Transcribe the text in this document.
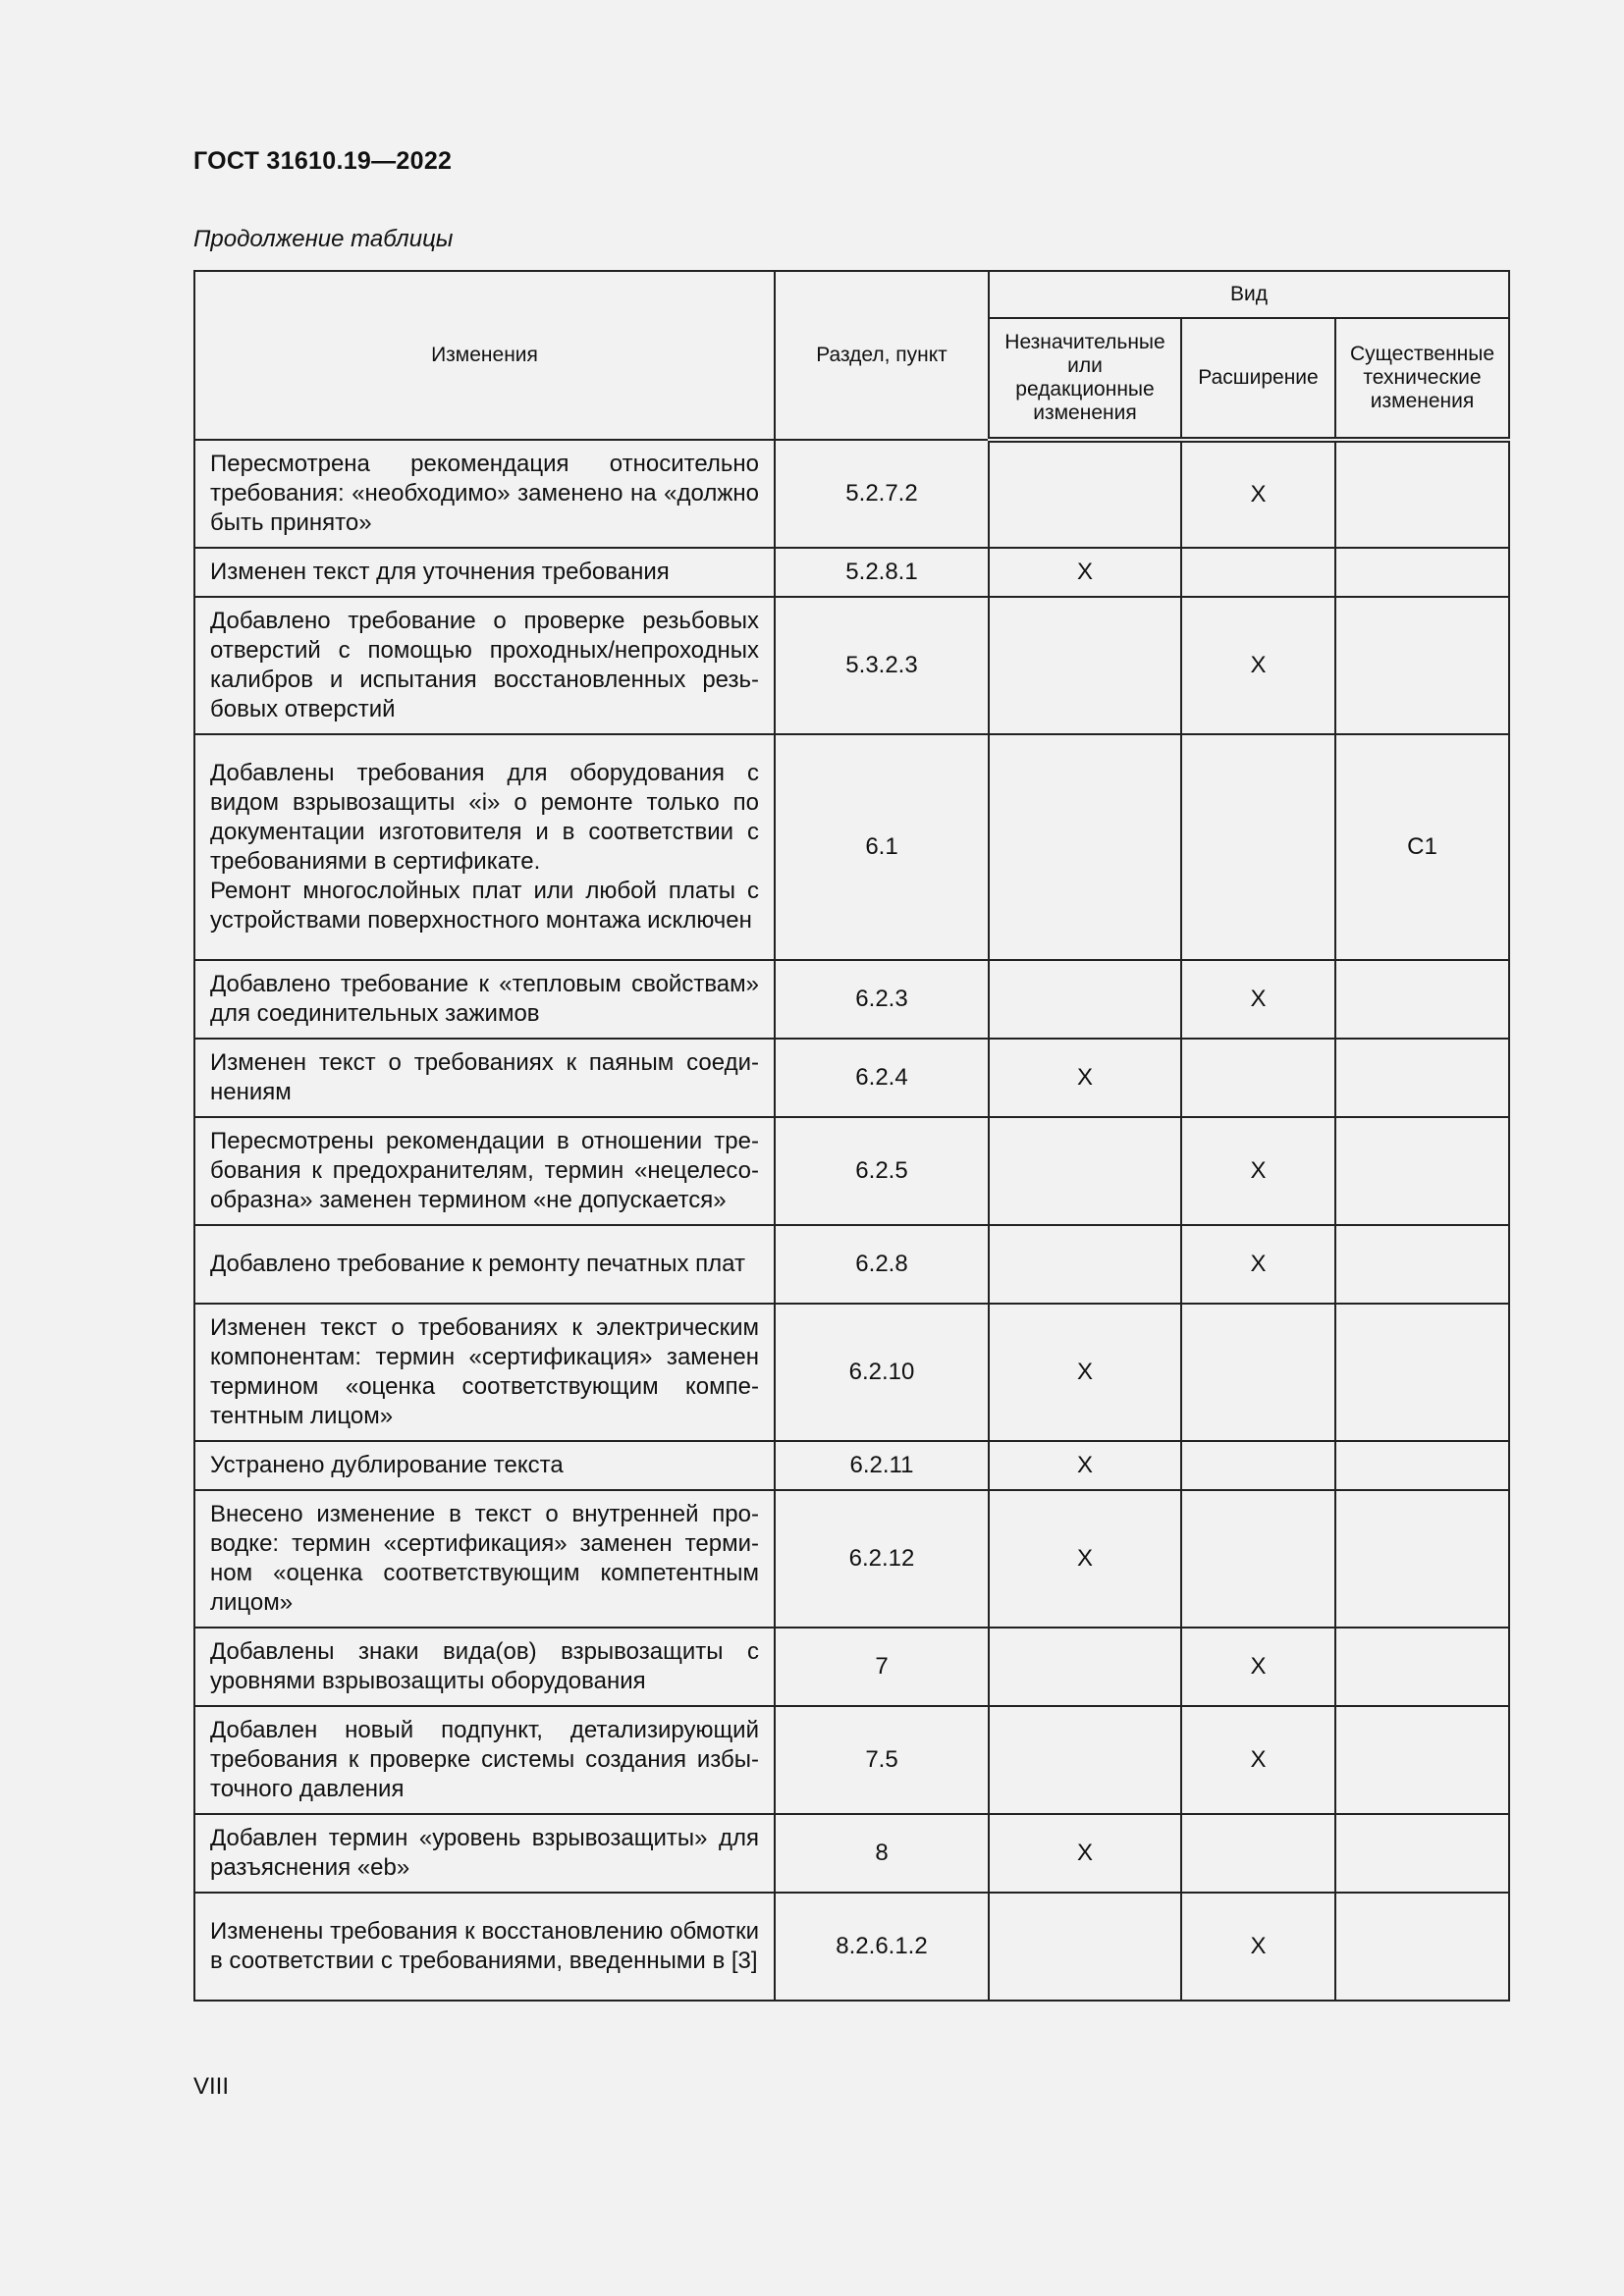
ГОСТ 31610.19—2022
Продолжение таблицы
Изменения	Раздел, пункт	Вид		
		Незначительные или редакционные изменения	Расширение	Существенные технические изменения
Пересмотрена рекомендация относительно требования: «необходимо» заменено на «должно быть принято»	5.2.7.2		X	
Изменен текст для уточнения требования	5.2.8.1	X		
Добавлено требование о проверке резьбовых отверстий с помощью проходных/непроходных калибров и испытания восстановленных резьбовых отверстий	5.3.2.3		X	
Добавлены требования для оборудования с видом взрывозащиты «i» о ремонте только по документации изготовителя и в соответствии с требованиями в сертификате.
Ремонт многослойных плат или любой платы с устройствами поверхностного монтажа исключен	6.1			С1
Добавлено требование к «тепловым свойствам» для соединительных зажимов	6.2.3		X	
Изменен текст о требованиях к паяным соединениям	6.2.4	X		
Пересмотрены рекомендации в отношении требования к предохранителям, термин «нецелесообразна» заменен термином «не допускается»	6.2.5		X	
Добавлено требование к ремонту печатных плат	6.2.8		X	
Изменен текст о требованиях к электрическим компонентам: термин «сертификация» заменен термином «оценка соответствующим компетентным лицом»	6.2.10	X		
Устранено дублирование текста	6.2.11	X		
Внесено изменение в текст о внутренней проводке: термин «сертификация» заменен термином «оценка соответствующим компетентным лицом»	6.2.12	X		
Добавлены знаки вида(ов) взрывозащиты с уровнями взрывозащиты оборудования	7		X	
Добавлен новый подпункт, детализирующий требования к проверке системы создания избыточного давления	7.5		X	
Добавлен термин «уровень взрывозащиты» для разъяснения «eb»	8	X		
Изменены требования к восстановлению обмотки в соответствии с требованиями, введенными в [3]	8.2.6.1.2		X	
VIII
